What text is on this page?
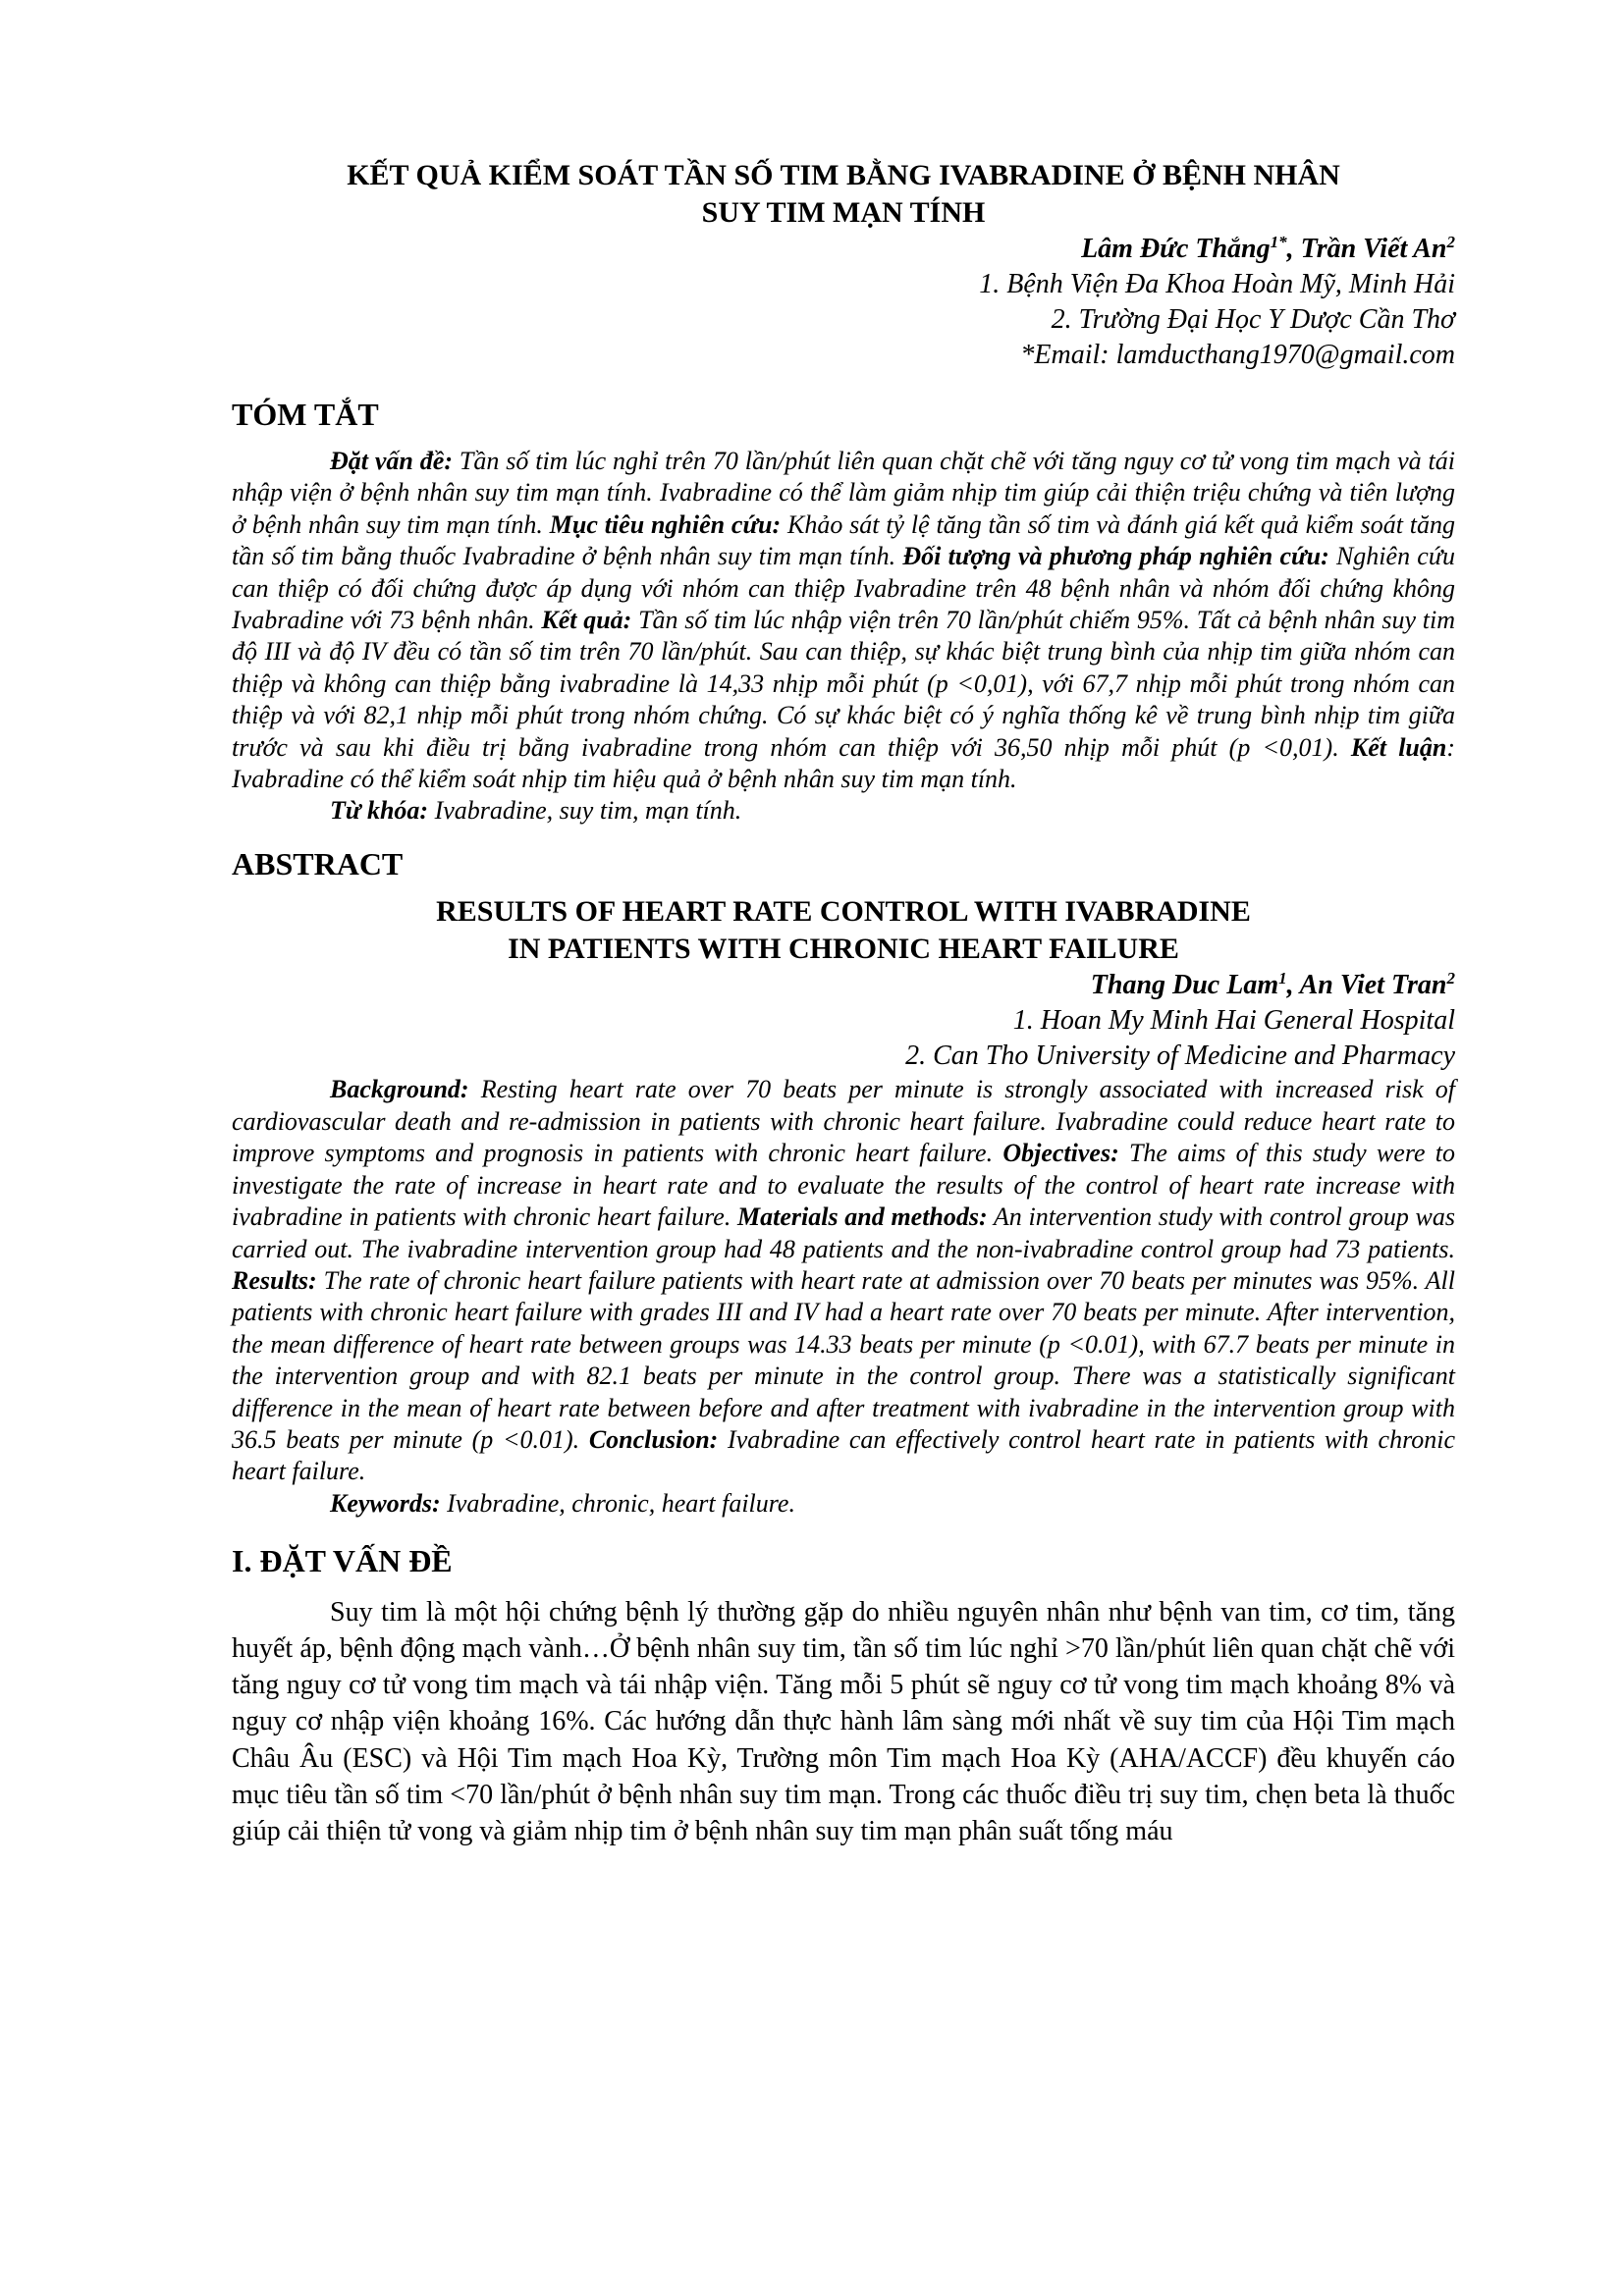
KẾT QUẢ KIỂM SOÁT TẦN SỐ TIM BẰNG IVABRADINE Ở BỆNH NHÂN
SUY TIM MẠN TÍNH
Lâm Đức Thắng$^{1*}$, Trần Viết An$^2$
1. Bệnh Viện Đa Khoa Hoàn Mỹ, Minh Hải
2. Trường Đại Học Y Dược Cần Thơ
*Email: lamducthang1970@gmail.com
TÓM TẮT

Đặt vấn đề: Tần số tim lúc nghỉ trên 70 lần/phút liên quan chặt chẽ với tăng nguy cơ tử vong tim mạch và tái nhập viện ở bệnh nhân suy tim mạn tính. Ivabradine có thể làm giảm nhịp tim giúp cải thiện triệu chứng và tiên lượng ở bệnh nhân suy tim mạn tính. Mục tiêu nghiên cứu: Khảo sát tỷ lệ tăng tần số tim và đánh giá kết quả kiểm soát tăng tần số tim bằng thuốc Ivabradine ở bệnh nhân suy tim mạn tính. Đối tượng và phương pháp nghiên cứu: Nghiên cứu can thiệp có đối chứng được áp dụng với nhóm can thiệp Ivabradine trên 48 bệnh nhân và nhóm đối chứng không Ivabradine với 73 bệnh nhân. Kết quả: Tần số tim lúc nhập viện trên 70 lần/phút chiếm 95%. Tất cả bệnh nhân suy tim độ III và độ IV đều có tần số tim trên 70 lần/phút. Sau can thiệp, sự khác biệt trung bình của nhịp tim giữa nhóm can thiệp và không can thiệp bằng ivabradine là 14,33 nhịp mỗi phút (p <0,01), với 67,7 nhịp mỗi phút trong nhóm can thiệp và với 82,1 nhịp mỗi phút trong nhóm chứng. Có sự khác biệt có ý nghĩa thống kê về trung bình nhịp tim giữa trước và sau khi điều trị bằng ivabradine trong nhóm can thiệp với 36,50 nhịp mỗi phút (p <0,01). Kết luận: Ivabradine có thể kiểm soát nhịp tim hiệu quả ở bệnh nhân suy tim mạn tính.

Từ khóa: Ivabradine, suy tim, mạn tính.
ABSTRACT
RESULTS OF HEART RATE CONTROL WITH IVABRADINE
IN PATIENTS WITH CHRONIC HEART FAILURE
Thang Duc Lam$^1$, An Viet Tran$^2$
1. Hoan My Minh Hai General Hospital
2. Can Tho University of Medicine and Pharmacy

Background: Resting heart rate over 70 beats per minute is strongly associated with increased risk of cardiovascular death and re-admission in patients with chronic heart failure. Ivabradine could reduce heart rate to improve symptoms and prognosis in patients with chronic heart failure. Objectives: The aims of this study were to investigate the rate of increase in heart rate and to evaluate the results of the control of heart rate increase with ivabradine in patients with chronic heart failure. Materials and methods: An intervention study with control group was carried out. The ivabradine intervention group had 48 patients and the non-ivabradine control group had 73 patients. Results: The rate of chronic heart failure patients with heart rate at admission over 70 beats per minutes was 95%. All patients with chronic heart failure with grades III and IV had a heart rate over 70 beats per minute. After intervention, the mean difference of heart rate between groups was 14.33 beats per minute (p <0.01), with 67.7 beats per minute in the intervention group and with 82.1 beats per minute in the control group. There was a statistically significant difference in the mean of heart rate between before and after treatment with ivabradine in the intervention group with 36.5 beats per minute (p <0.01). Conclusion: Ivabradine can effectively control heart rate in patients with chronic heart failure.

Keywords: Ivabradine, chronic, heart failure.
I. ĐẶT VẤN ĐỀ

Suy tim là một hội chứng bệnh lý thường gặp do nhiều nguyên nhân như bệnh van tim, cơ tim, tăng huyết áp, bệnh động mạch vành…Ở bệnh nhân suy tim, tần số tim lúc nghỉ >70 lần/phút liên quan chặt chẽ với tăng nguy cơ tử vong tim mạch và tái nhập viện. Tăng mỗi 5 phút sẽ nguy cơ tử vong tim mạch khoảng 8% và nguy cơ nhập viện khoảng 16%. Các hướng dẫn thực hành lâm sàng mới nhất về suy tim của Hội Tim mạch Châu Âu (ESC) và Hội Tim mạch Hoa Kỳ, Trường môn Tim mạch Hoa Kỳ (AHA/ACCF) đều khuyến cáo mục tiêu tần số tim <70 lần/phút ở bệnh nhân suy tim mạn. Trong các thuốc điều trị suy tim, chẹn beta là thuốc giúp cải thiện tử vong và giảm nhịp tim ở bệnh nhân suy tim mạn phân suất tống máu
